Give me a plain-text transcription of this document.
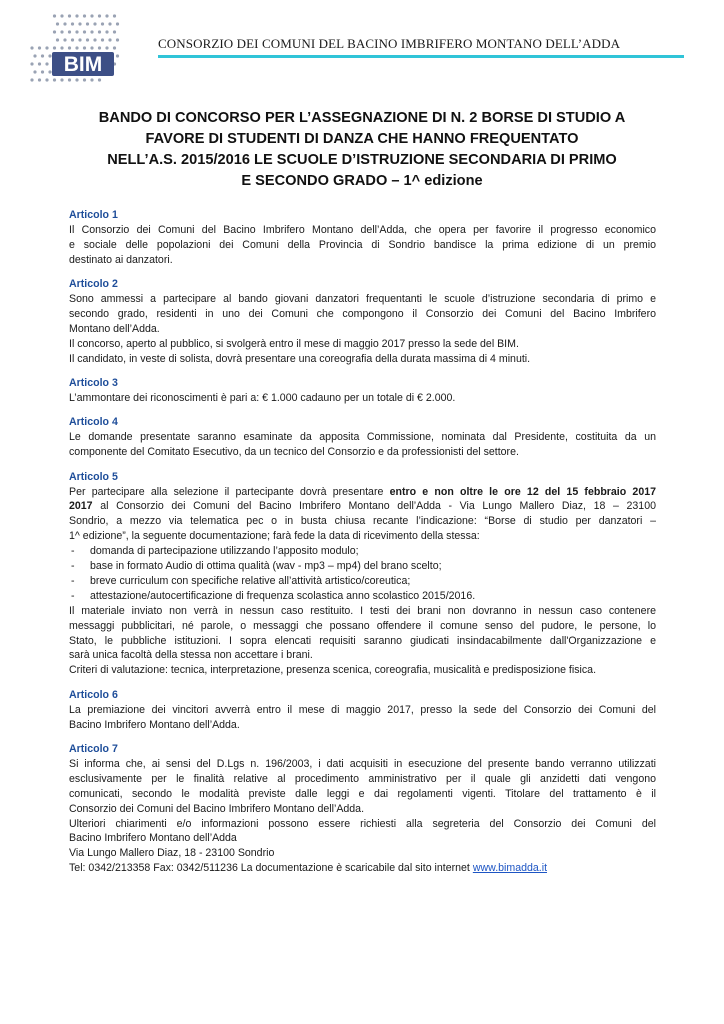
BIM
CONSORZIO DEI COMUNI DEL BACINO IMBRIFERO MONTANO DELL’ADDA
BANDO DI CONCORSO PER L’ASSEGNAZIONE DI N. 2 BORSE DI STUDIO A
FAVORE DI STUDENTI DI DANZA CHE HANNO FREQUENTATO
NELL’A.S. 2015/2016 LE SCUOLE D’ISTRUZIONE SECONDARIA DI PRIMO
E SECONDO GRADO – 1^ edizione
Articolo 1

Il Consorzio dei Comuni del Bacino Imbrifero Montano dell’Adda, che opera per favorire il progresso economico
e sociale delle popolazioni dei Comuni della Provincia di Sondrio bandisce la prima edizione di un premio
destinato ai danzatori.

Articolo 2

Sono ammessi a partecipare al bando giovani danzatori frequentanti le scuole d’istruzione secondaria di primo e
secondo grado, residenti in uno dei Comuni che compongono il Consorzio dei Comuni del Bacino Imbrifero
Montano dell’Adda.
Il concorso, aperto al pubblico, si svolgerà entro il mese di maggio 2017 presso la sede del BIM.
Il candidato, in veste di solista, dovrà presentare una coreografia della durata massima di 4 minuti.

Articolo 3

L’ammontare dei riconoscimenti è pari a: € 1.000 cadauno per un totale di € 2.000.

Articolo 4

Le domande presentate saranno esaminate da apposita Commissione, nominata dal Presidente, costituita da un
componente del Comitato Esecutivo, da un tecnico del Consorzio e da professionisti del settore.

Articolo 5

Per partecipare alla selezione il partecipante dovrà presentare entro e non oltre le ore 12 del 15 febbraio 2017
2017 al Consorzio dei Comuni del Bacino Imbrifero Montano dell’Adda - Via Lungo Mallero Diaz, 18 – 23100
Sondrio, a mezzo via telematica pec o in busta chiusa recante l’indicazione: “Borse di studio per danzatori –
1^ edizione”, la seguente documentazione; farà fede la data di ricevimento della stessa:

- domanda di partecipazione utilizzando l’apposito modulo;
- base in formato Audio di ottima qualità (wav - mp3 – mp4) del brano scelto;
- breve curriculum con specifiche relative all’attività artistico/coreutica;
- attestazione/autocertificazione di frequenza scolastica anno scolastico 2015/2016.

Il materiale inviato non verrà in nessun caso restituito. I testi dei brani non dovranno in nessun caso contenere
messaggi pubblicitari, né parole, o messaggi che possano offendere il comune senso del pudore, le persone, lo
Stato, le pubbliche istituzioni. I sopra elencati requisiti saranno giudicati insindacabilmente dall'Organizzazione e
sarà unica facoltà della stessa non accettare i brani.
Criteri di valutazione: tecnica, interpretazione, presenza scenica, coreografia, musicalità e predisposizione fisica.

Articolo 6

La premiazione dei vincitori avverrà entro il mese di maggio 2017, presso la sede del Consorzio dei Comuni del
Bacino Imbrifero Montano dell’Adda.

Articolo 7

Si informa che, ai sensi del D.Lgs n. 196/2003, i dati acquisiti in esecuzione del presente bando verranno utilizzati
esclusivamente per le finalità relative al procedimento amministrativo per il quale gli anzidetti dati vengono
comunicati, secondo le modalità previste dalle leggi e dai regolamenti vigenti. Titolare del trattamento è il
Consorzio dei Comuni del Bacino Imbrifero Montano dell’Adda.
Ulteriori chiarimenti e/o informazioni possono essere richiesti alla segreteria del Consorzio dei Comuni del
Bacino Imbrifero Montano dell’Adda
Via Lungo Mallero Diaz, 18 - 23100 Sondrio
Tel: 0342/213358 Fax: 0342/511236 La documentazione è scaricabile dal sito internet www.bimadda.it
